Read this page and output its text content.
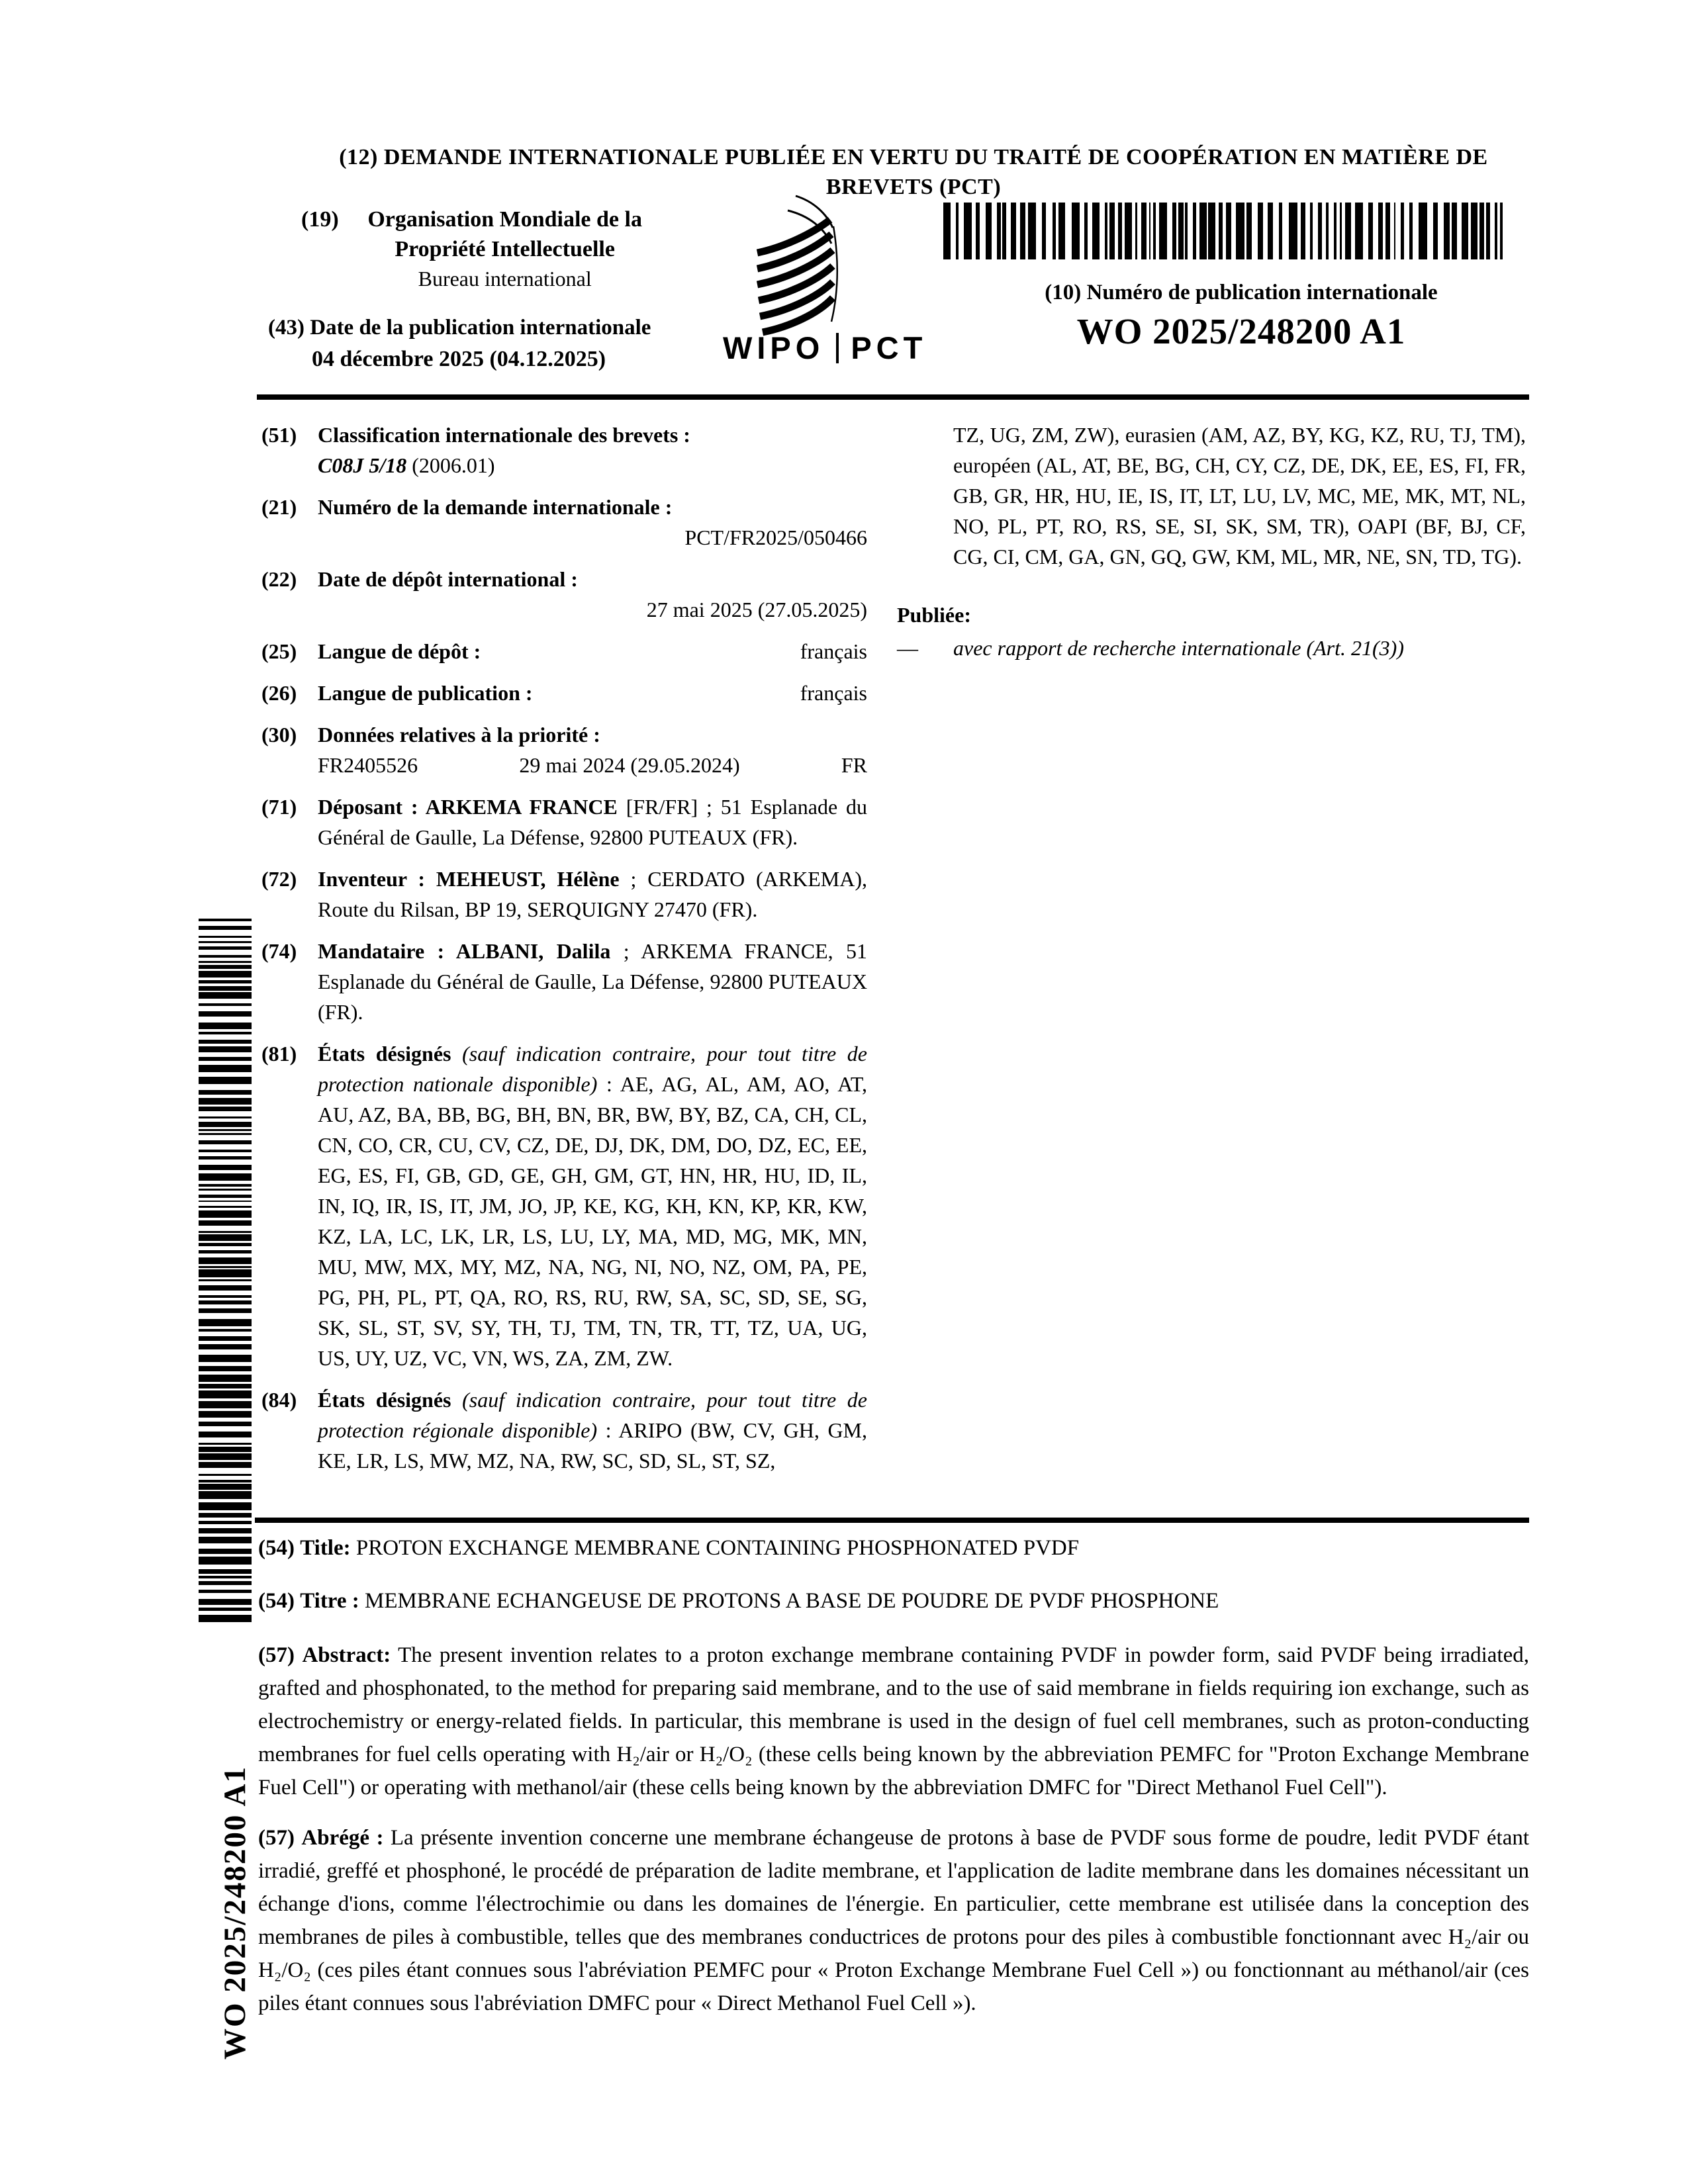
(12) DEMANDE INTERNATIONALE PUBLIÉE EN VERTU DU TRAITÉ DE COOPÉRATION EN MATIÈRE DE BREVETS (PCT)
(19)	Organisation Mondiale de la
Propriété Intellectuelle
Bureau international
(43) Date de la publication internationale
04 décembre 2025 (04.12.2025)	WIPO PCT
(10) Numéro de publication internationale
WO 2025/248200 A1
(51) Classification internationale des brevets :
C08J 5/18 (2006.01)
(21) Numéro de la demande internationale :
PCT/FR2025/050466
(22) Date de dépôt international :
27 mai 2025 (27.05.2025)
(25) Langue de dépôt :	français
(26) Langue de publication :	français
(30) Données relatives à la priorité :
FR2405526	29 mai 2024 (29.05.2024)	FR
(71) Déposant : ARKEMA FRANCE [FR/FR] ; 51 Esplanade du Général de Gaulle, La Défense, 92800 PUTEAUX (FR).
(72) Inventeur : MEHEUST, Hélène ; CERDATO (ARKEMA), Route du Rilsan, BP 19, SERQUIGNY 27470 (FR).
(74) Mandataire : ALBANI, Dalila ; ARKEMA FRANCE, 51 Esplanade du Général de Gaulle, La Défense, 92800 PUTEAUX (FR).
(81) États désignés (sauf indication contraire, pour tout titre de protection nationale disponible) : AE, AG, AL, AM, AO, AT, AU, AZ, BA, BB, BG, BH, BN, BR, BW, BY, BZ, CA, CH, CL, CN, CO, CR, CU, CV, CZ, DE, DJ, DK, DM, DO, DZ, EC, EE, EG, ES, FI, GB, GD, GE, GH, GM, GT, HN, HR, HU, ID, IL, IN, IQ, IR, IS, IT, JM, JO, JP, KE, KG, KH, KN, KP, KR, KW, KZ, LA, LC, LK, LR, LS, LU, LY, MA, MD, MG, MK, MN, MU, MW, MX, MY, MZ, NA, NG, NI, NO, NZ, OM, PA, PE, PG, PH, PL, PT, QA, RO, RS, RU, RW, SA, SC, SD, SE, SG, SK, SL, ST, SV, SY, TH, TJ, TM, TN, TR, TT, TZ, UA, UG, US, UY, UZ, VC, VN, WS, ZA, ZM, ZW.
(84) États désignés (sauf indication contraire, pour tout titre de protection régionale disponible) : ARIPO (BW, CV, GH, GM, KE, LR, LS, MW, MZ, NA, RW, SC, SD, SL, ST, SZ,
TZ, UG, ZM, ZW), eurasien (AM, AZ, BY, KG, KZ, RU, TJ, TM), européen (AL, AT, BE, BG, CH, CY, CZ, DE, DK, EE, ES, FI, FR, GB, GR, HR, HU, IE, IS, IT, LT, LU, LV, MC, ME, MK, MT, NL, NO, PL, PT, RO, RS, SE, SI, SK, SM, TR), OAPI (BF, BJ, CF, CG, CI, CM, GA, GN, GQ, GW, KM, ML, MR, NE, SN, TD, TG).
Publiée:
—	avec rapport de recherche internationale (Art. 21(3))
(54) Title: PROTON EXCHANGE MEMBRANE CONTAINING PHOSPHONATED PVDF
(54) Titre : MEMBRANE ECHANGEUSE DE PROTONS A BASE DE POUDRE DE PVDF PHOSPHONE
(57) Abstract: The present invention relates to a proton exchange membrane containing PVDF in powder form, said PVDF being irradiated, grafted and phosphonated, to the method for preparing said membrane, and to the use of said membrane in fields requiring ion exchange, such as electrochemistry or energy-related fields. In particular, this membrane is used in the design of fuel cell membranes, such as proton-conducting membranes for fuel cells operating with H₂/air or H₂/O₂ (these cells being known by the abbreviation PEMFC for "Proton Exchange Membrane Fuel Cell") or operating with methanol/air (these cells being known by the abbreviation DMFC for "Direct Methanol Fuel Cell").
(57) Abrégé : La présente invention concerne une membrane échangeuse de protons à base de PVDF sous forme de poudre, ledit PVDF étant irradié, greffé et phosphoné, le procédé de préparation de ladite membrane, et l'application de ladite membrane dans les domaines nécessitant un échange d'ions, comme l'électrochimie ou dans les domaines de l'énergie. En particulier, cette membrane est utilisée dans la conception des membranes de piles à combustible, telles que des membranes conductrices de protons pour des piles à combustible fonctionnant avec H₂/air ou H₂/O₂ (ces piles étant connues sous l'abréviation PEMFC pour « Proton Exchange Membrane Fuel Cell ») ou fonctionnant au méthanol/air (ces piles étant connues sous l'abréviation DMFC pour « Direct Methanol Fuel Cell »).
WO 2025/248200 A1
